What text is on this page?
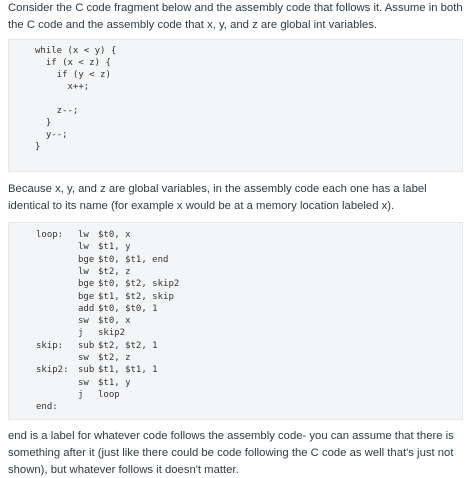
Consider the C code fragment below and the assembly code that follows it. Assume in both the C code and the assembly code that x, y, and z are global int variables.

while (x < y) {
if (x < z) {
if (y < z)
x++;

z--;
}
y--;
}

Because x, y, and z are global variables, in the assembly code each one has a label identical to its name (for example x would be at a memory location labeled x).

loop: lw $t0, x
lw $t1, y
bge $t0, $t1, end
lw $t2, z
bge $t0, $t2, skip2
bge $t1, $t2, skip
add $t0, $t0, 1
sw $t0, x
j skip2
skip: sub $t2, $t2, 1
sw $t2, z
skip2: sub $t1, $t1, 1
sw $t1, y
j loop
end:

end is a label for whatever code follows the assembly code- you can assume that there is something after it (just like there could be code following the C code as well that's just not shown), but whatever follows it doesn't matter.
